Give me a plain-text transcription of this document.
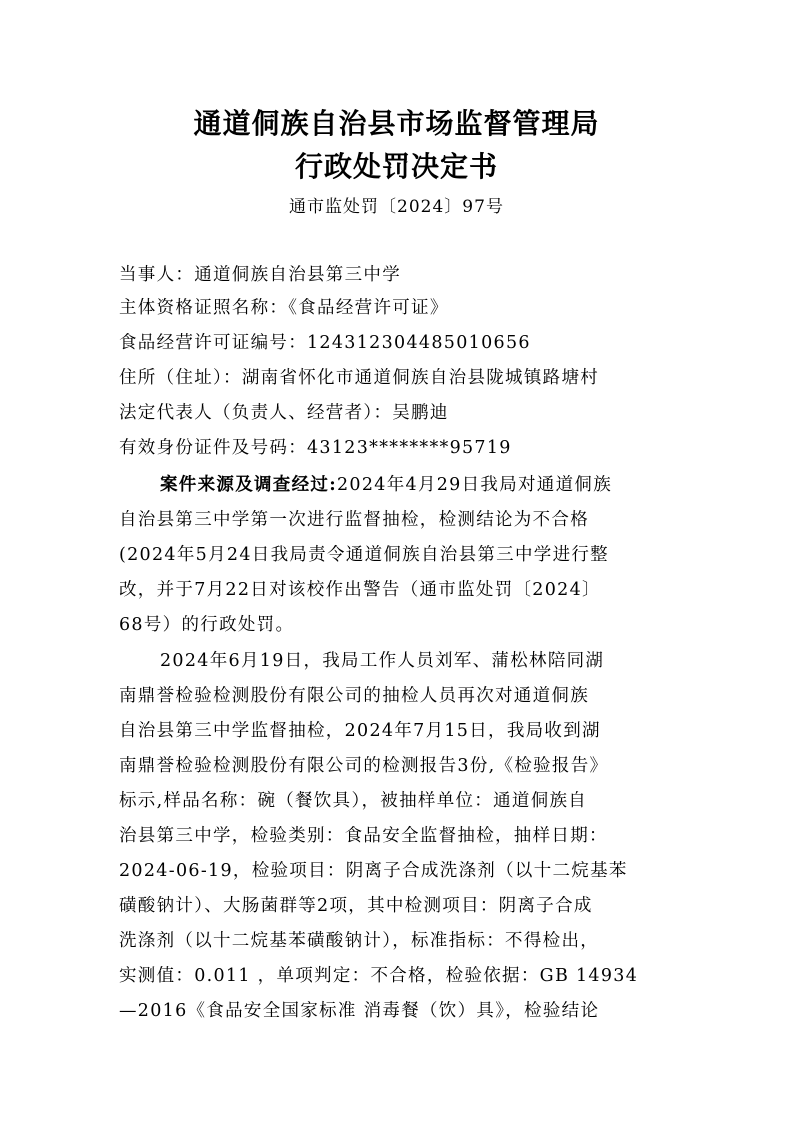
通道侗族自治县市场监督管理局
行政处罚决定书
通市监处罚〔2024〕97号
当事人：通道侗族自治县第三中学
主体资格证照名称：《食品经营许可证》
食品经营许可证编号：124312304485010656
住所（住址）：湖南省怀化市通道侗族自治县陇城镇路塘村
法定代表人（负责人、经营者）：吴鹏迪
有效身份证件及号码：43123********95719
案件来源及调查经过:2024年4月29日我局对通道侗族
自治县第三中学第一次进行监督抽检，检测结论为不合格
(2024年5月24日我局责令通道侗族自治县第三中学进行整
改，并于7月22日对该校作出警告（通市监处罚〔2024〕
68号）的行政处罚。
2024年6月19日，我局工作人员刘军、蒲松林陪同湖
南鼎誉检验检测股份有限公司的抽检人员再次对通道侗族
自治县第三中学监督抽检，2024年7月15日，我局收到湖
南鼎誉检验检测股份有限公司的检测报告3份,《检验报告》
标示,样品名称：碗（餐饮具），被抽样单位：通道侗族自
治县第三中学，检验类别：食品安全监督抽检，抽样日期：
2024-06-19，检验项目：阴离子合成洗涤剂（以十二烷基苯
磺酸钠计）、大肠菌群等2项，其中检测项目：阴离子合成
洗涤剂（以十二烷基苯磺酸钠计），标准指标：不得检出，
实测值：0.011 ，单项判定：不合格，检验依据：GB 14934
—2016《食品安全国家标准 消毒餐（饮）具》，检验结论
